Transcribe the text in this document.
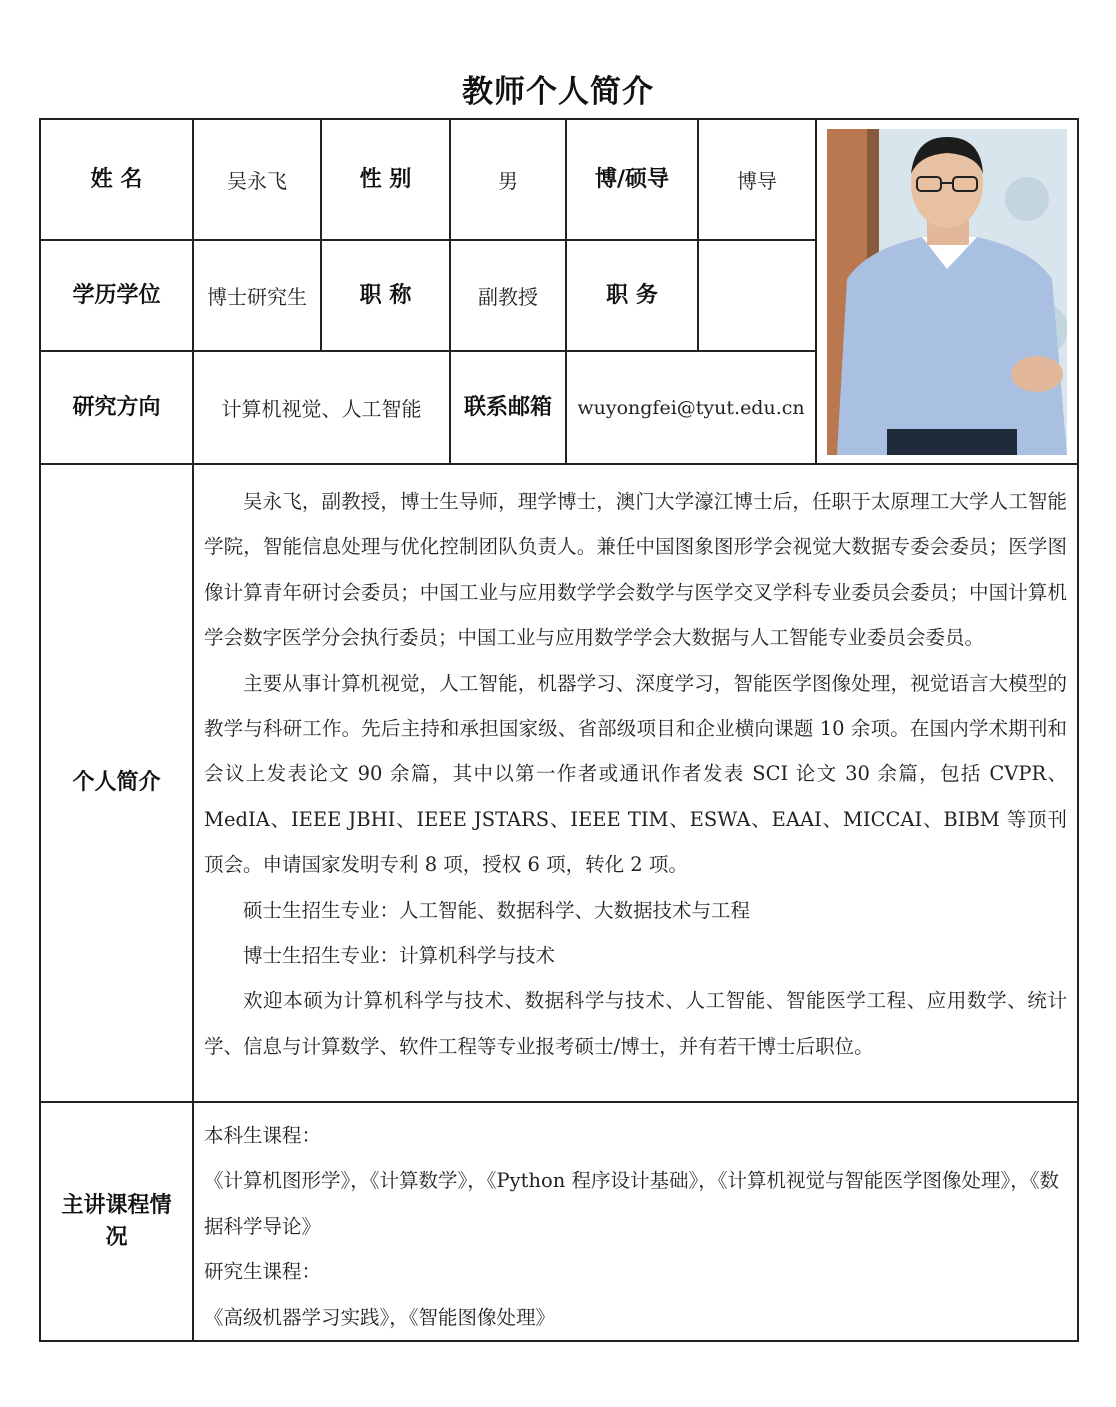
教师个人简介
姓 名	吴永飞	性 别	男	博/硕导	博导	

学历学位	博士研究生	职 称	副教授	职 务		
研究方向	计算机视觉、人工智能		联系邮箱	wuyongfei@tyut.edu.cn		
个人简介	吴永飞，副教授，博士生导师，理学博士，澳门大学濠江博士后，任职于太原理工大学人工智能学院，智能信息处理与优化控制团队负责人。兼任中国图象图形学会视觉大数据专委会委员；医学图像计算青年研讨会委员；中国工业与应用数学学会数学与医学交叉学科专业委员会委员；中国计算机学会数字医学分会执行委员；中国工业与应用数学学会大数据与人工智能专业委员会委员。

主要从事计算机视觉，人工智能，机器学习、深度学习，智能医学图像处理，视觉语言大模型的教学与科研工作。先后主持和承担国家级、省部级项目和企业横向课题 10 余项。在国内学术期刊和会议上发表论文 90 余篇，其中以第一作者或通讯作者发表 SCI 论文 30 余篇，包括 CVPR、MedIA、IEEE JBHI、IEEE JSTARS、IEEE TIM、ESWA、EAAI、MICCAI、BIBM 等顶刊顶会。申请国家发明专利 8 项，授权 6 项，转化 2 项。

硕士生招生专业：人工智能、数据科学、大数据技术与工程

博士生招生专业：计算机科学与技术

欢迎本硕为计算机科学与技术、数据科学与技术、人工智能、智能医学工程、应用数学、统计学、信息与计算数学、软件工程等专业报考硕士/博士，并有若干博士后职位。					

主讲课程情况	本科生课程：

《计算机图形学》，《计算数学》，《Python 程序设计基础》，《计算机视觉与智能医学图像处理》，《数据科学导论》

研究生课程：

《高级机器学习实践》，《智能图像处理》					
